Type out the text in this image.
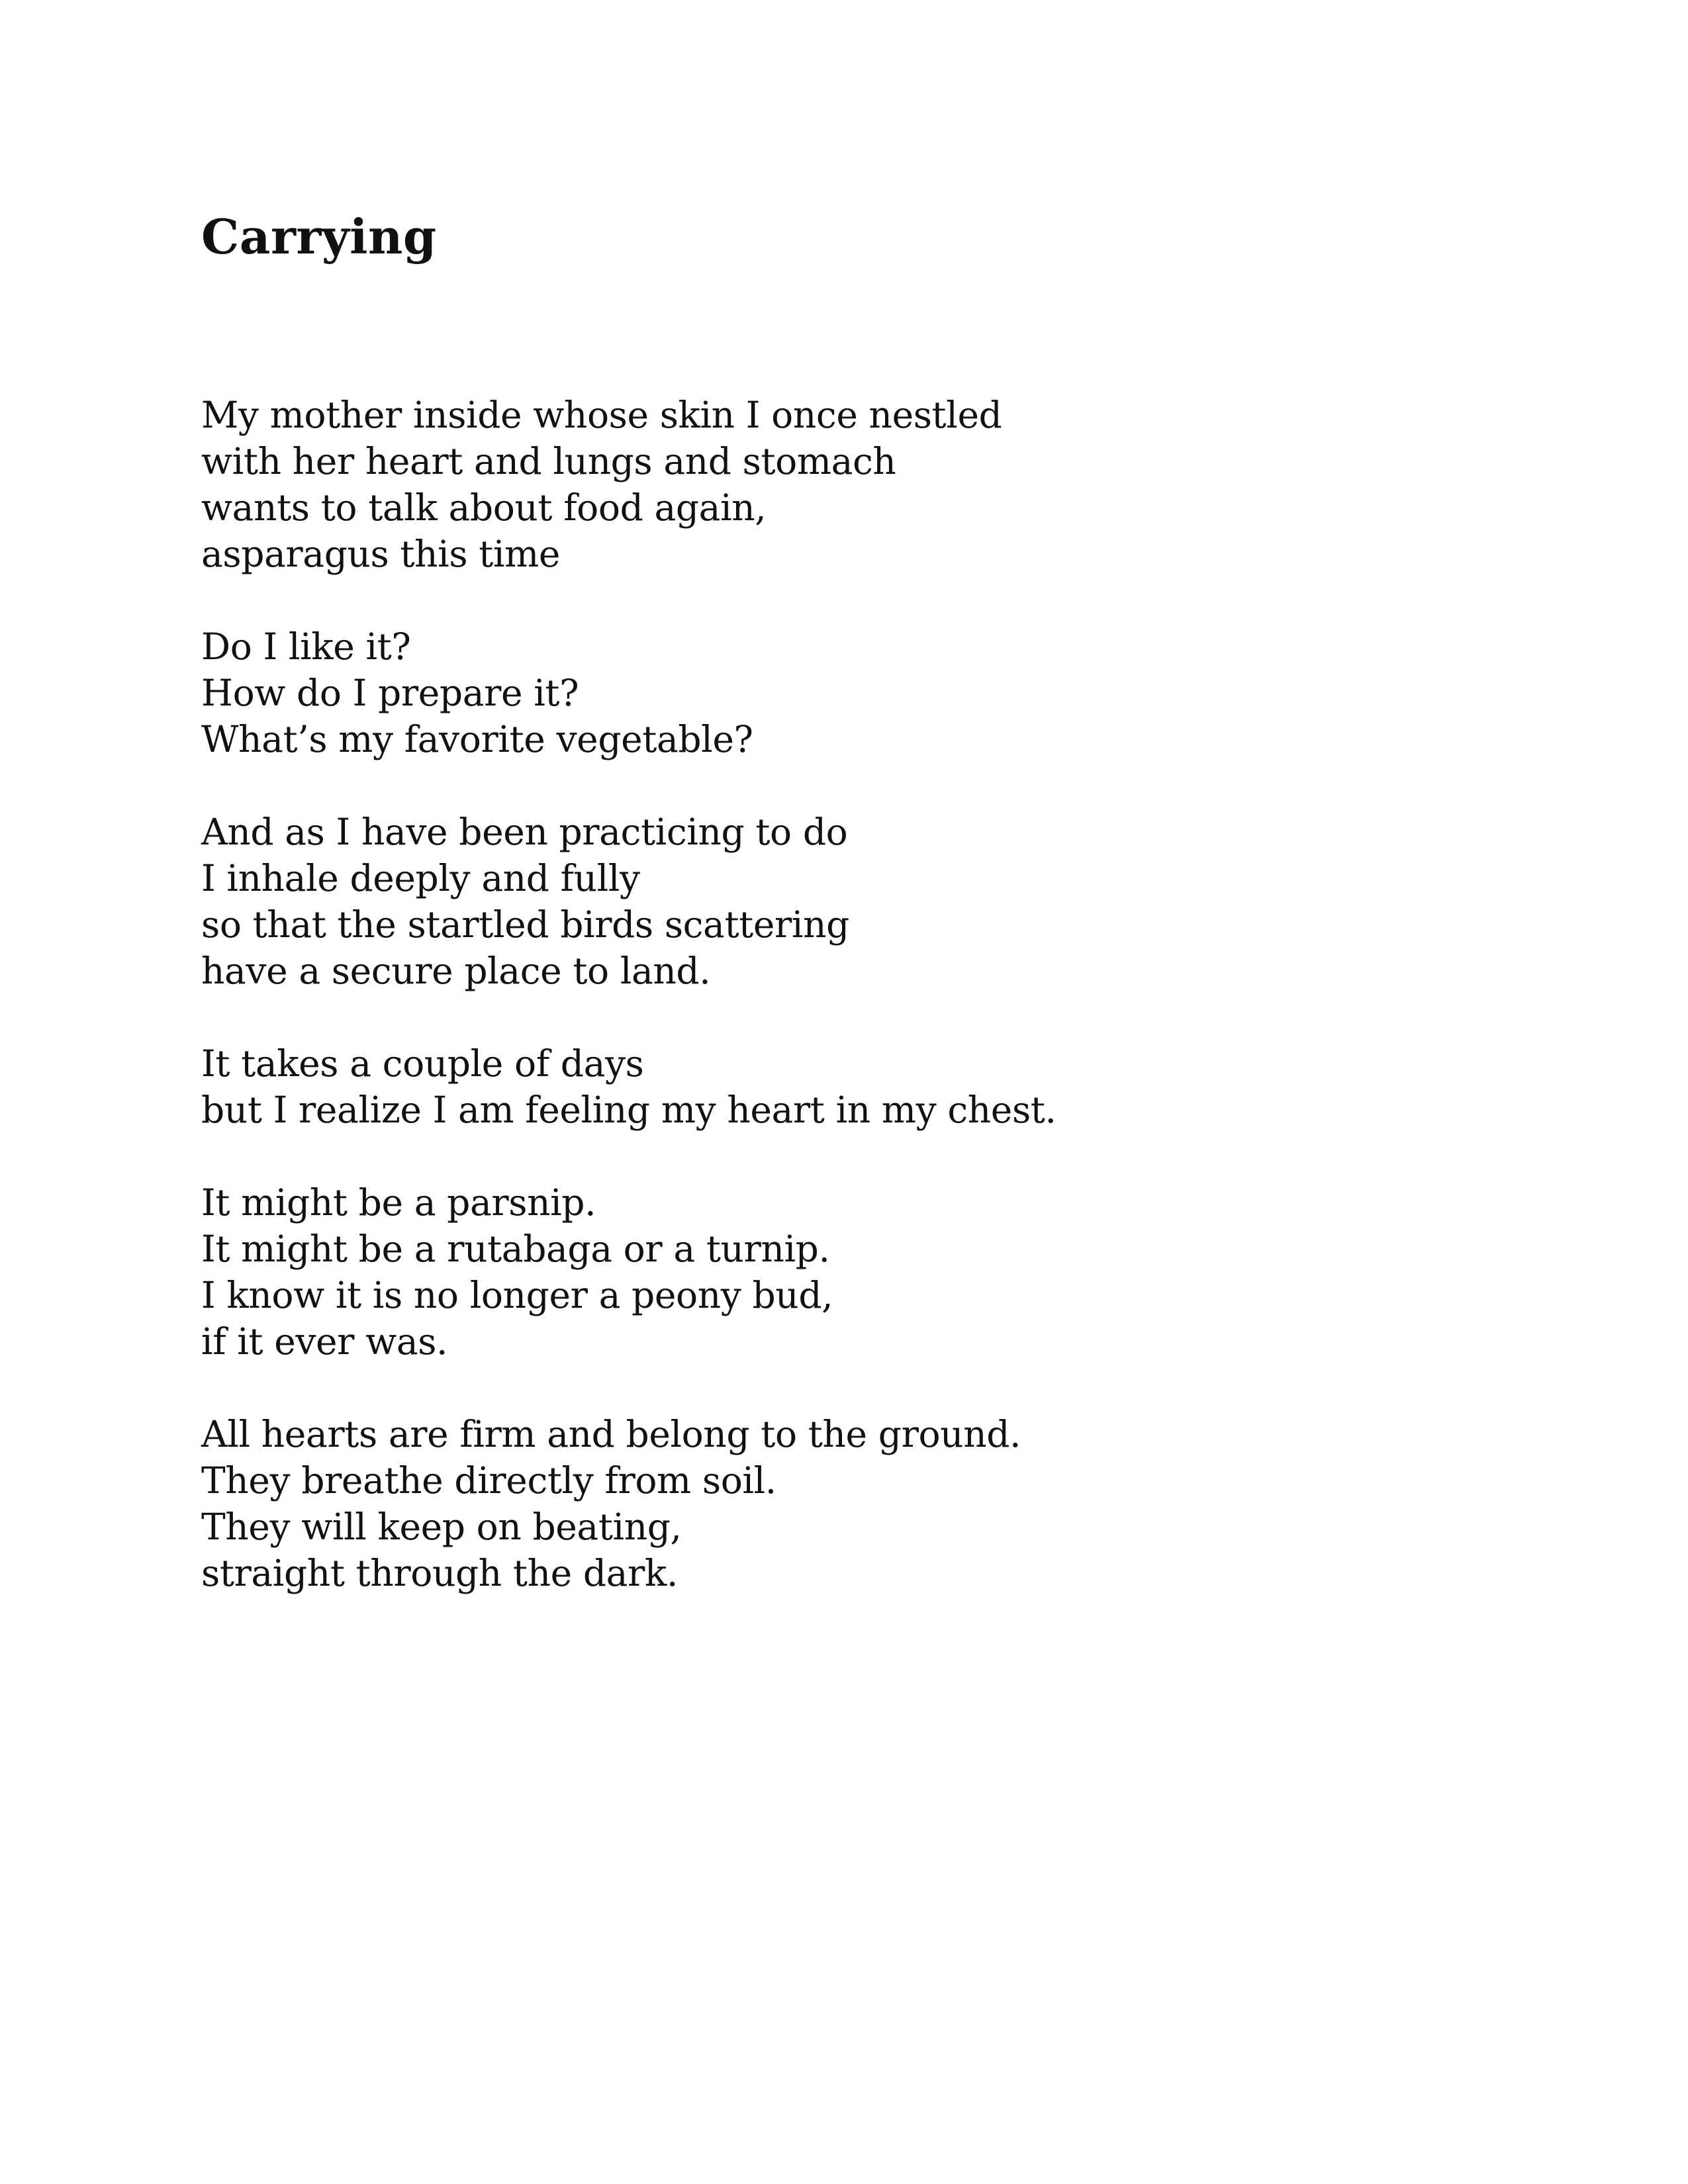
Carrying
My mother inside whose skin I once nestled
with her heart and lungs and stomach
wants to talk about food again,
asparagus this time
Do I like it?
How do I prepare it?
What’s my favorite vegetable?
And as I have been practicing to do
I inhale deeply and fully
so that the startled birds scattering
have a secure place to land.
It takes a couple of days
but I realize I am feeling my heart in my chest.
It might be a parsnip.
It might be a rutabaga or a turnip.
I know it is no longer a peony bud,
if it ever was.
All hearts are firm and belong to the ground.
They breathe directly from soil.
They will keep on beating,
straight through the dark.
